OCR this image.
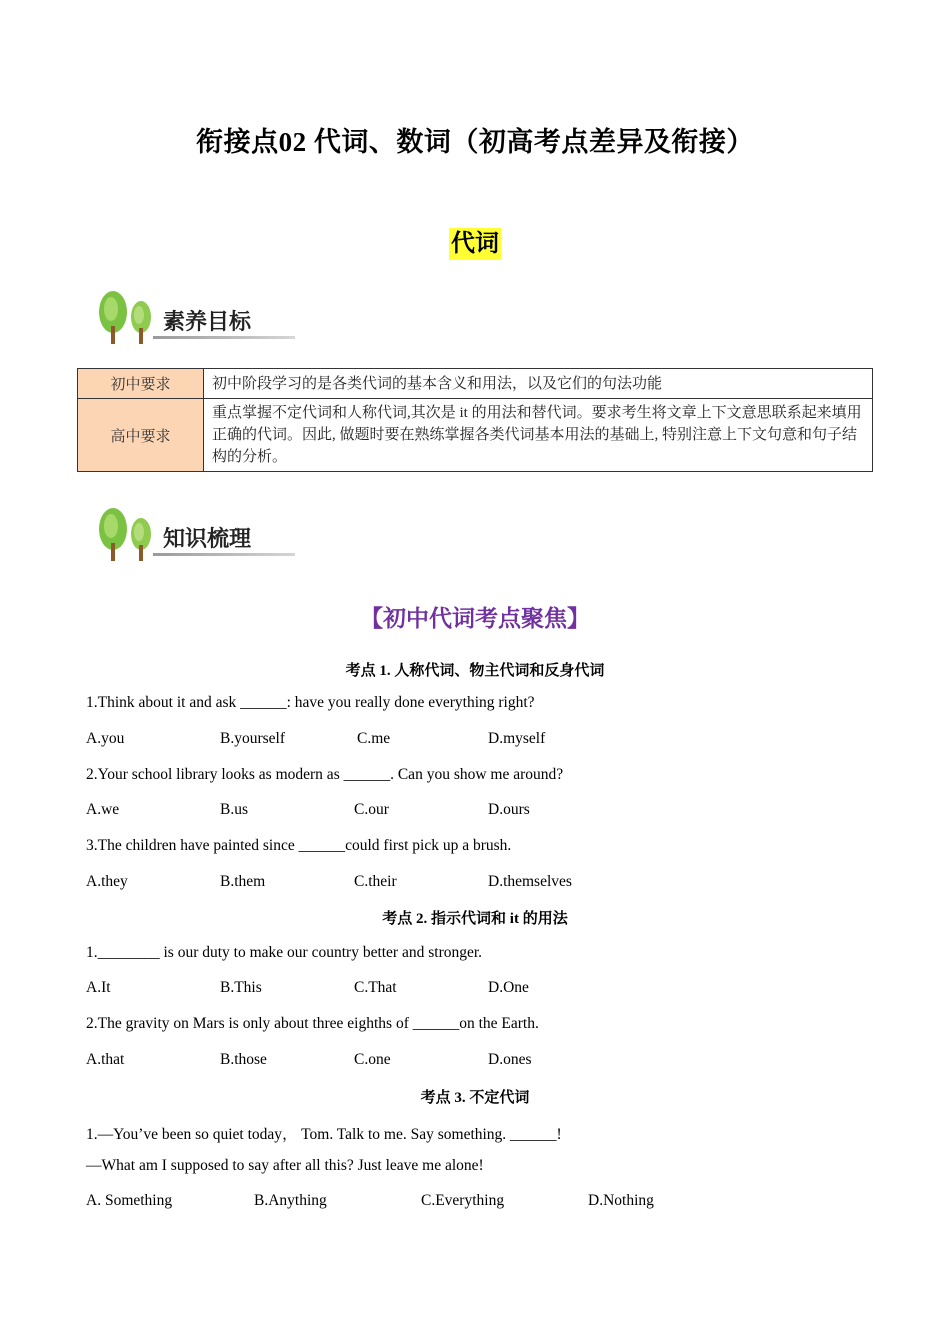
衔接点02 代词、数词（初高考点差异及衔接）
代词
素养目标
初中要求	初中阶段学习的是各类代词的基本含义和用法，以及它们的句法功能
高中要求	重点掌握不定代词和人称代词,其次是 it 的用法和替代词。要求考生将文章上下文意思联系起来填用正确的代词。因此, 做题时要在熟练掌握各类代词基本用法的基础上, 特别注意上下文句意和句子结构的分析。
知识梳理
【初中代词考点聚焦】
考点 1. 人称代词、物主代词和反身代词
1.Think about it and ask ______: have you really done everything right?
A.you	B.yourself	C.me	D.myself
2.Your school library looks as modern as ______. Can you show me around?
A.we	B.us	C.our	D.ours
3.The children have painted since ______could first pick up a brush.
A.they	B.them	C.their	D.themselves
考点 2. 指示代词和 it 的用法
1.________ is our duty to make our country better and stronger.
A.It	B.This	C.That	D.One
2.The gravity on Mars is only about three eighths of ______on the Earth.
A.that	B.those	C.one	D.ones
考点 3. 不定代词
1.—You’ve been so quiet today， Tom. Talk to me. Say something. ______!
—What am I supposed to say after all this? Just leave me alone!
A. Something	B.Anything	C.Everything	D.Nothing
